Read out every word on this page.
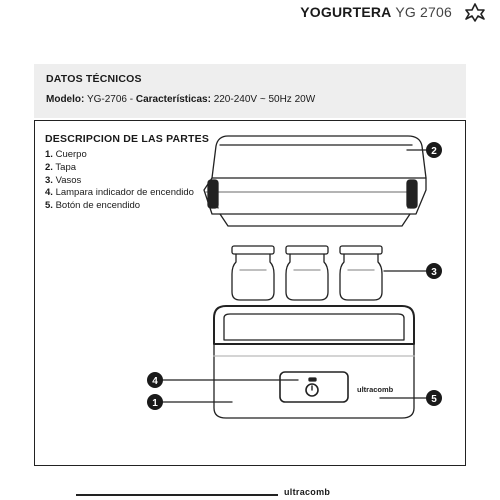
YOGURTERA YG 2706
DATOS TÉCNICOS
Modelo: YG-2706 - Características: 220-240V ~ 50Hz 20W
DESCRIPCION DE LAS PARTES
1. Cuerpo
2. Tapa
3. Vasos
4. Lampara indicador de encendido
5. Botón de encendido
2
3
4
1	5
ultracomb
ultracomb
